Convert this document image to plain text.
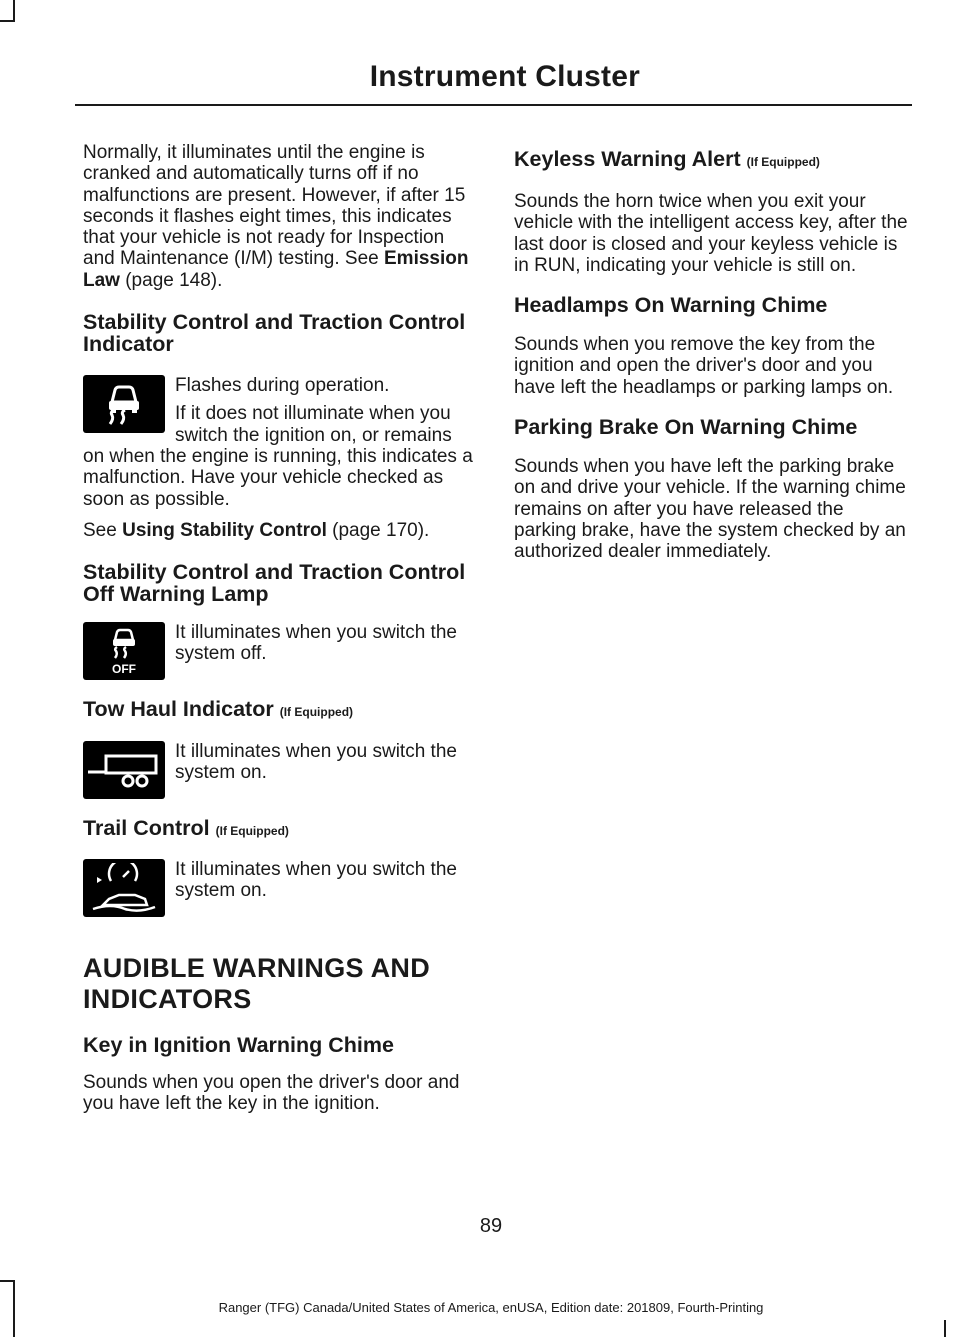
Instrument Cluster

Normally, it illuminates until the engine is cranked and automatically turns off if no malfunctions are present. However, if after 15 seconds it flashes eight times, this indicates that your vehicle is not ready for Inspection and Maintenance (I/M) testing. See Emission Law (page 148).

Stability Control and Traction Control Indicator

Flashes during operation.

If it does not illuminate when you switch the ignition on, or remains on when the engine is running, this indicates a malfunction. Have your vehicle checked as soon as possible.

See Using Stability Control (page 170).

Stability Control and Traction Control Off Warning Lamp
OFF

It illuminates when you switch the system off.

Tow Haul Indicator (If Equipped)

It illuminates when you switch the system on.

Trail Control (If Equipped)

It illuminates when you switch the system on.

AUDIBLE WARNINGS AND INDICATORS
Key in Ignition Warning Chime

Sounds when you open the driver's door and you have left the key in the ignition.

Keyless Warning Alert (If Equipped)

Sounds the horn twice when you exit your vehicle with the intelligent access key, after the last door is closed and your keyless vehicle is in RUN, indicating your vehicle is still on.

Headlamps On Warning Chime

Sounds when you remove the key from the ignition and open the driver's door and you have left the headlamps or parking lamps on.

Parking Brake On Warning Chime

Sounds when you have left the parking brake on and drive your vehicle. If the warning chime remains on after you have released the parking brake, have the system checked by an authorized dealer immediately.

89
Ranger (TFG) Canada/United States of America, enUSA, Edition date: 201809, Fourth-Printing
